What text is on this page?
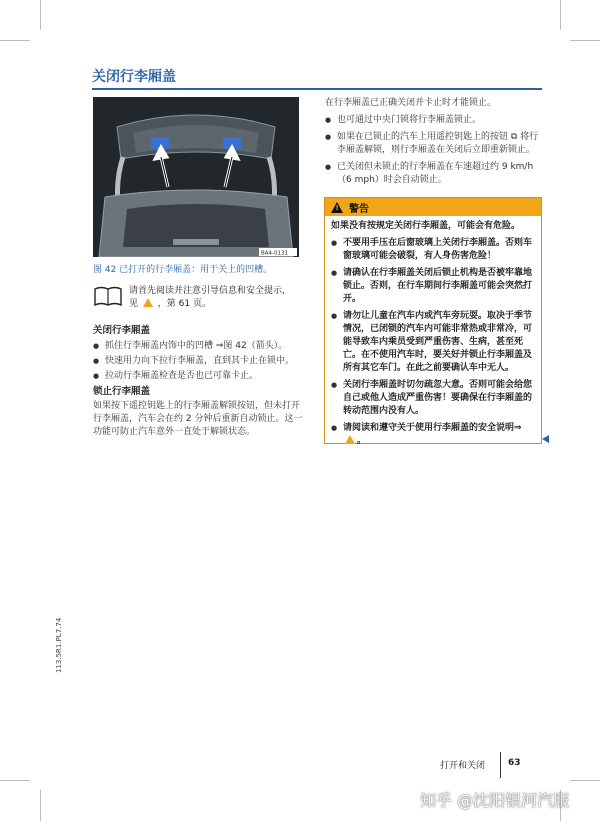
关闭行李厢盖
BA4-0131
图 42 已打开的行李厢盖：用于关上的凹槽。
请首先阅读并注意引导信息和安全提示，
见 ，第 61 页。
关闭行李厢盖
● 抓住行李厢盖内饰中的凹槽 ⇒图 42（箭头）。
● 快速用力向下拉行李厢盖，直到其卡止在锁中。
● 拉动行李厢盖检查是否也已可靠卡止。
锁止行李厢盖
如果按下遥控钥匙上的行李厢盖解锁按钮，但未打开行李厢盖，汽车会在约 2 分钟后重新自动锁止。这一功能可防止汽车意外一直处于解锁状态。
在行李厢盖已正确关闭并卡止时才能锁止。
● 也可通过中央门锁将行李厢盖锁止。
● 如果在已锁止的汽车上用遥控钥匙上的按钮 ⧉ 将行李厢盖解锁，则行李厢盖在关闭后立即重新锁止。
● 已关闭但未锁止的行李厢盖在车速超过约 9 km/h（6 mph）时会自动锁止。
! 警告
如果没有按规定关闭行李厢盖，可能会有危险。
● 不要用手压在后窗玻璃上关闭行李厢盖。否则车窗玻璃可能会破裂，有人身伤害危险！
● 请确认在行李厢盖关闭后锁止机构是否被牢靠地锁止。否则，在行车期间行李厢盖可能会突然打开。
● 请勿让儿童在汽车内或汽车旁玩耍。取决于季节情况，已闭锁的汽车内可能非常热或非常冷，可能导致车内乘员受到严重伤害、生病，甚至死亡。在不使用汽车时，要关好并锁止行李厢盖及所有其它车门。在此之前要确认车中无人。
● 关闭行李厢盖时切勿疏忽大意。否则可能会给您自己或他人造成严重伤害！要确保在行李厢盖的转动范围内没有人。
● 请阅读和遵守关于使用行李厢盖的安全说明⇒。
113.5R1.PL7.74
打开和关闭	63
知乎 @沈阳银河汽服
